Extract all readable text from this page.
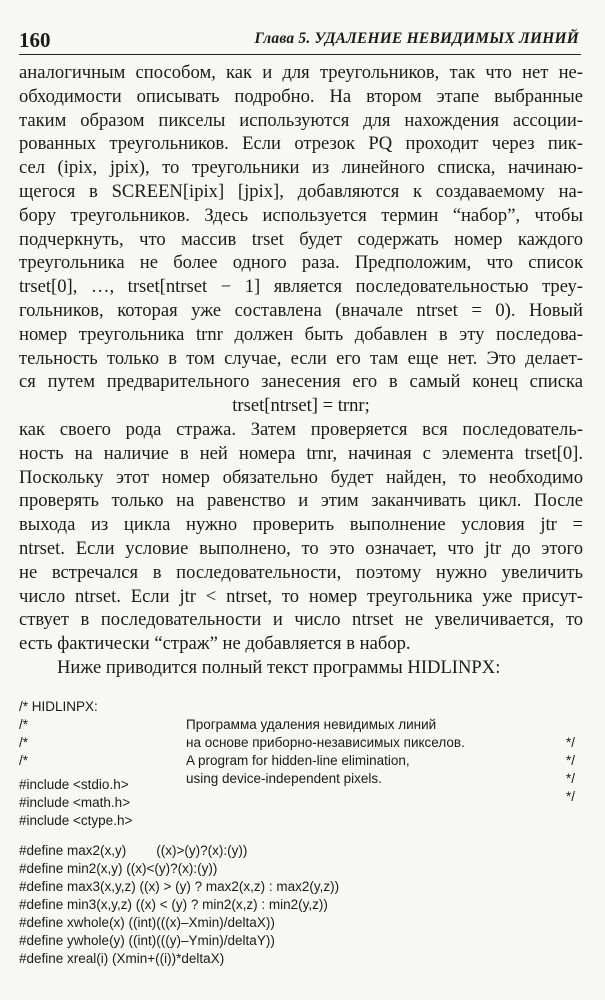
160	Глава 5. УДАЛЕНИЕ НЕВИДИМЫХ ЛИНИЙ
аналогичным способом, как и для треугольников, так что нет не-
обходимости описывать подробно. На втором этапе выбранные
таким образом пикселы используются для нахождения ассоции-
рованных треугольников. Если отрезок PQ проходит через пик-
сел (ipix, jpix), то треугольники из линейного списка, начинаю-
щегося в SCREEN[ipix] [jpix], добавляются к создаваемому на-
бору треугольников. Здесь используется термин “набор”, чтобы
подчеркнуть, что массив trset будет содержать номер каждого
треугольника не более одного раза. Предположим, что список
trset[0], …, trset[ntrset − 1] является последовательностью треу-
гольников, которая уже составлена (вначале ntrset = 0). Новый
номер треугольника trnr должен быть добавлен в эту последова-
тельность только в том случае, если его там еще нет. Это делает-
ся путем предварительного занесения его в самый конец списка
trset[ntrset] = trnr;
как своего рода стража. Затем проверяется вся последователь-
ность на наличие в ней номера trnr, начиная с элемента trset[0].
Поскольку этот номер обязательно будет найден, то необходимо
проверять только на равенство и этим заканчивать цикл. После
выхода из цикла нужно проверить выполнение условия jtr =
ntrset. Если условие выполнено, то это означает, что jtr до этого
не встречался в последовательности, поэтому нужно увеличить
число ntrset. Если jtr < ntrset, то номер треугольника уже присут-
ствует в последовательности и число ntrset не увеличивается, то
есть фактически “страж” не добавляется в набор.
Ниже приводится полный текст программы HIDLINPX:

/* HIDLINPX:

Программа удаления невидимых линий

*/

/*

на основе приборно-независимых пикселов.

*/

/*

A program for hidden-line elimination,

*/

/*

using device-independent pixels.

*/

#include <stdio.h>
#include <math.h>
#include <ctype.h>
#define max2(x,y)        ((x)>(y)?(x):(y))
#define min2(x,y) ((x)<(y)?(x):(y))
#define max3(x,y,z) ((x) > (y) ? max2(x,z) : max2(y,z))
#define min3(x,y,z) ((x) < (y) ? min2(x,z) : min2(y,z))
#define xwhole(x) ((int)(((x)–Xmin)/deltaX))
#define ywhole(y) ((int)(((y)–Ymin)/deltaY))
#define xreal(i) (Xmin+((i))*deltaX)
